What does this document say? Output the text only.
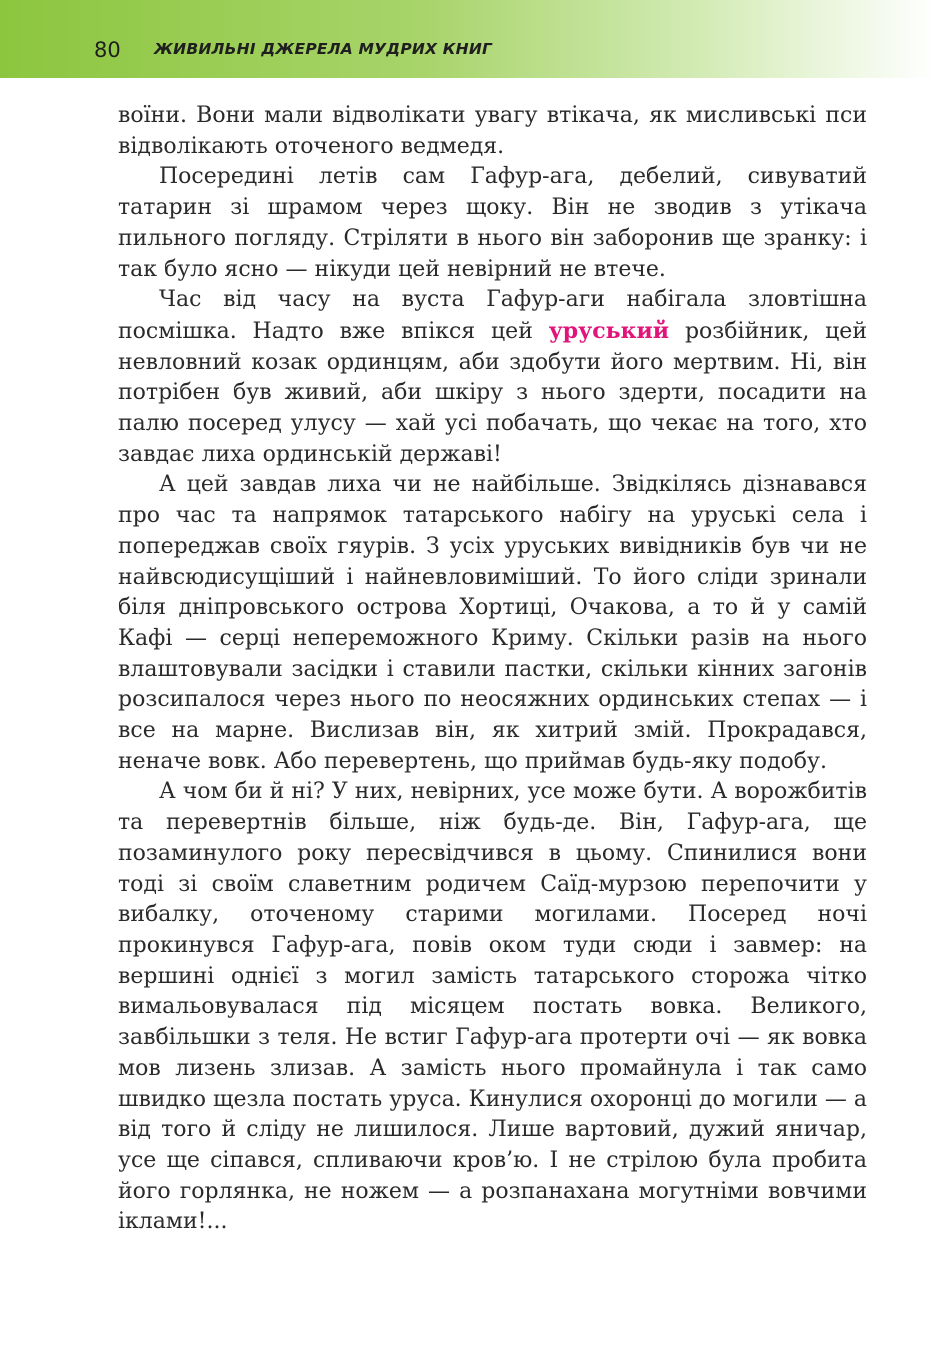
80 ЖИВИЛЬНІ ДЖЕРЕЛА МУДРИХ КНИГ

воїни. Вони мали відволікати увагу втікача, як мисливські пси відволікають оточеного ведмедя.

Посередині летів сам Гафур-ага, дебелий, сивуватий татарин зі шрамом через щоку. Він не зводив з утікача пильного погляду. Стріляти в нього він заборонив ще зранку: і так було ясно — нікуди цей невірний не втече.

Час від часу на вуста Гафур-аги набігала зловтішна посмішка. Надто вже впікся цей уруський розбійник, цей невловний козак ординцям, аби здобути його мертвим. Ні, він потрібен був живий, аби шкіру з нього здерти, посадити на палю посеред улусу — хай усі побачать, що чекає на того, хто завдає лиха ординській державі!

А цей завдав лиха чи не найбільше. Звідкілясь дізнавався про час та напрямок татарського набігу на уруські села і попереджав своїх гяурів. З усіх уруських вивідників був чи не найвсюдисущіший і найневловиміший. То його сліди зринали біля дніпровського острова Хортиці, Очакова, а то й у самій Кафі — серці непереможного Криму. Скільки разів на нього влаштовували засідки і ставили пастки, скільки кінних загонів розсипалося через нього по неосяжних ординських степах — і все на марне. Вислизав він, як хитрий змій. Прокрадався, неначе вовк. Або перевертень, що приймав будь-яку подобу.

А чом би й ні? У них, невірних, усе може бути. А ворожбитів та перевертнів більше, ніж будь-де. Він, Гафур-ага, ще позаминулого року пересвідчився в цьому. Спинилися вони тоді зі своїм славетним родичем Саїд-мурзою перепочити у вибалку, оточеному старими могилами. Посеред ночі прокинувся Гафур-ага, повів оком туди сюди і завмер: на вершині однієї з могил замість татарського сторожа чітко вимальовувалася під місяцем постать вовка. Великого, завбільшки з теля. Не встиг Гафур-ага протерти очі — як вовка мов лизень злизав. А замість нього промайнула і так само швидко щезла постать уруса. Кинулися охоронці до могили — а від того й сліду не лишилося. Лише вартовий, дужий яничар, усе ще сіпався, спливаючи кров’ю. І не стрілою була пробита його горлянка, не ножем — а розпанахана могутніми вовчими іклами!...
